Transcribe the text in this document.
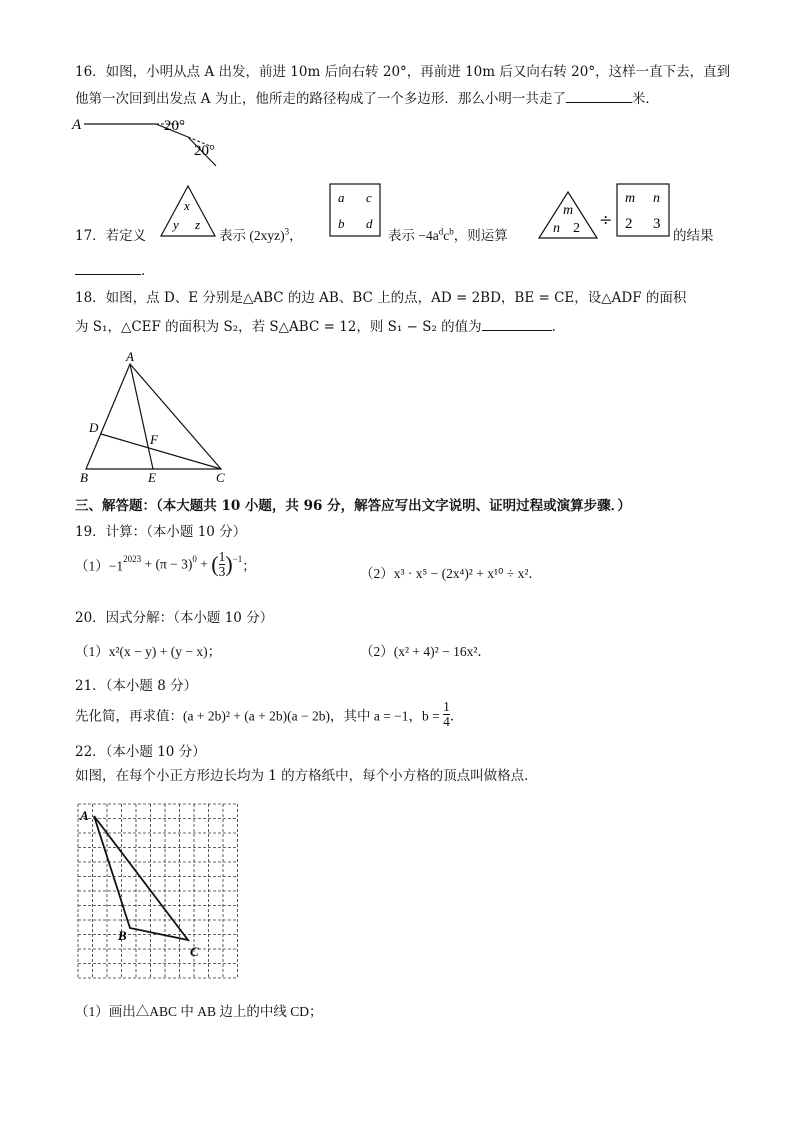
16．如图，小明从点 A 出发，前进 10m 后向右转 20°，再前进 10m 后又向右转 20°，这样一直下去，直到
他第一次回到出发点 A 为止，他所走的路径构成了一个多边形．那么小明一共走了	米．
A	20°
20°
17．若定义
x
y z
表示 $(2xyz)^3$，
a c
b d
表示 $-4a^dc^b$，则运算
m
n 2 ÷
m n
2 3
的结果
．
18．如图，点 D、E 分别是△ABC 的边 AB、BC 上的点，AD = 2BD，BE = CE，设△ADF 的面积
为 S₁，△CEF 的面积为 S₂，若 S△ABC = 12，则 S₁ − S₂ 的值为	．
A
B	C
D
E
F
三、解答题：（本大题共 10 小题，共 96 分，解答应写出文字说明、证明过程或演算步骤．）
19．计算：（本小题 10 分）
$(1)-1^{2023} + (\pi - 3)^0$ + ( $\frac{1}{3} )^{-1}$；	（2）x³ · x⁵ − (2x⁴)² + x¹⁰ ÷ x²．
20．因式分解：（本小题 10 分）
（1）x²(x − y) + (y − x)；	（2）(x² + 4)² − 16x²．
21．（本小题 8 分）
先化简，再求值：(a + 2b)² + (a + 2b)(a − 2b)，其中 a = −1，$b = \frac{1}{4}$ ．
22．（本小题 10 分）
如图，在每个小正方形边长均为 1 的方格纸中，每个小方格的顶点叫做格点．
A
B
C
（1）画出△ABC 中 AB 边上的中线 CD；
